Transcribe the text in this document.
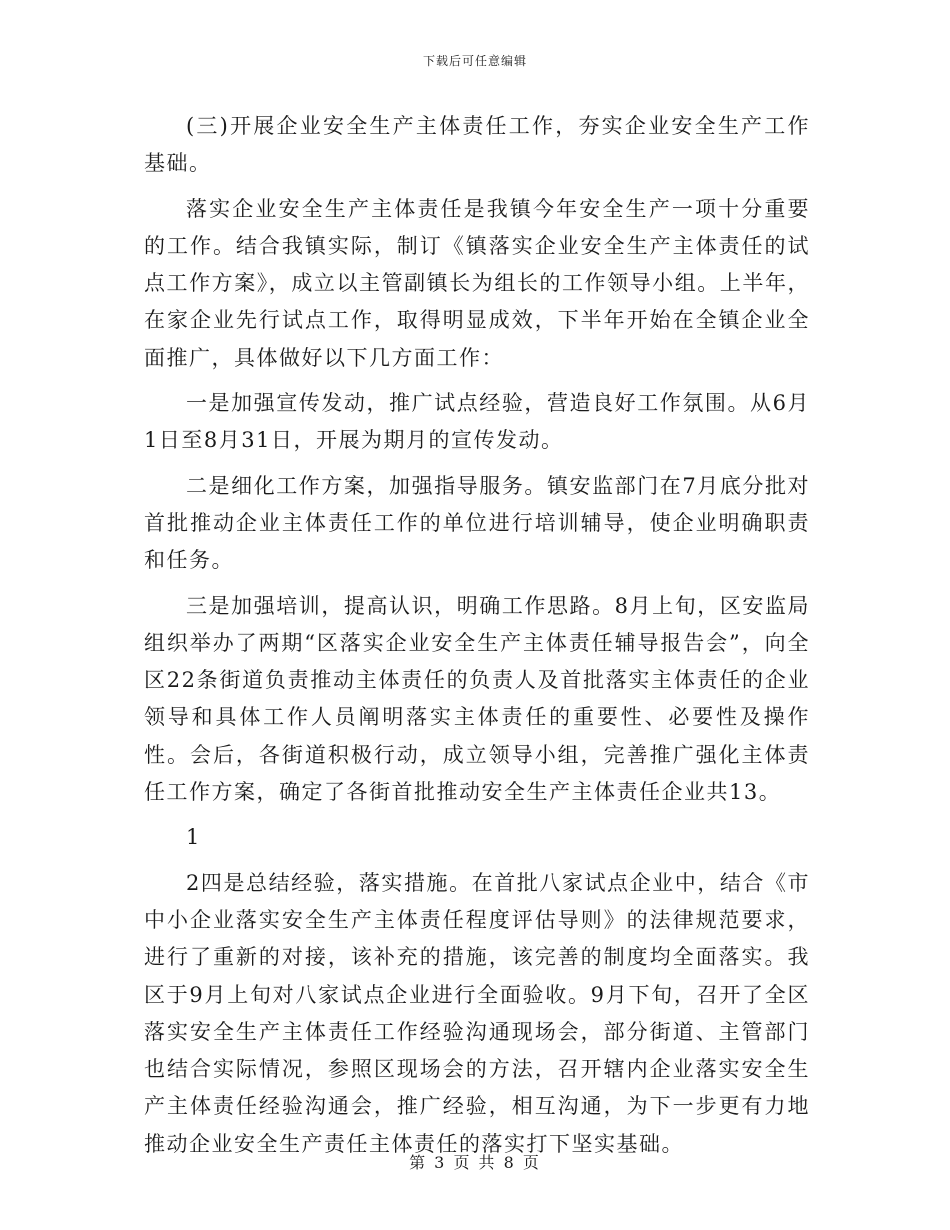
下载后可任意编辑

(三)开展企业安全生产主体责任工作，夯实企业安全生产工作基础。

落实企业安全生产主体责任是我镇今年安全生产一项十分重要的工作。结合我镇实际，制订《镇落实企业安全生产主体责任的试点工作方案》，成立以主管副镇长为组长的工作领导小组。上半年，在家企业先行试点工作，取得明显成效，下半年开始在全镇企业全面推广，具体做好以下几方面工作：

一是加强宣传发动，推广试点经验，营造良好工作氛围。从6月1日至8月31日，开展为期月的宣传发动。

二是细化工作方案，加强指导服务。镇安监部门在7月底分批对首批推动企业主体责任工作的单位进行培训辅导，使企业明确职责和任务。

三是加强培训，提高认识，明确工作思路。8月上旬，区安监局组织举办了两期“区落实企业安全生产主体责任辅导报告会”，向全区22条街道负责推动主体责任的负责人及首批落实主体责任的企业领导和具体工作人员阐明落实主体责任的重要性、必要性及操作性。会后，各街道积极行动，成立领导小组，完善推广强化主体责任工作方案，确定了各街首批推动安全生产主体责任企业共13。

1

2四是总结经验，落实措施。在首批八家试点企业中，结合《市中小企业落实安全生产主体责任程度评估导则》的法律规范要求，进行了重新的对接，该补充的措施，该完善的制度均全面落实。我区于9月上旬对八家试点企业进行全面验收。9月下旬，召开了全区落实安全生产主体责任工作经验沟通现场会，部分街道、主管部门也结合实际情况，参照区现场会的方法，召开辖内企业落实安全生产主体责任经验沟通会，推广经验，相互沟通，为下一步更有力地推动企业安全生产责任主体责任的落实打下坚实基础。

第 3 页 共 8 页
